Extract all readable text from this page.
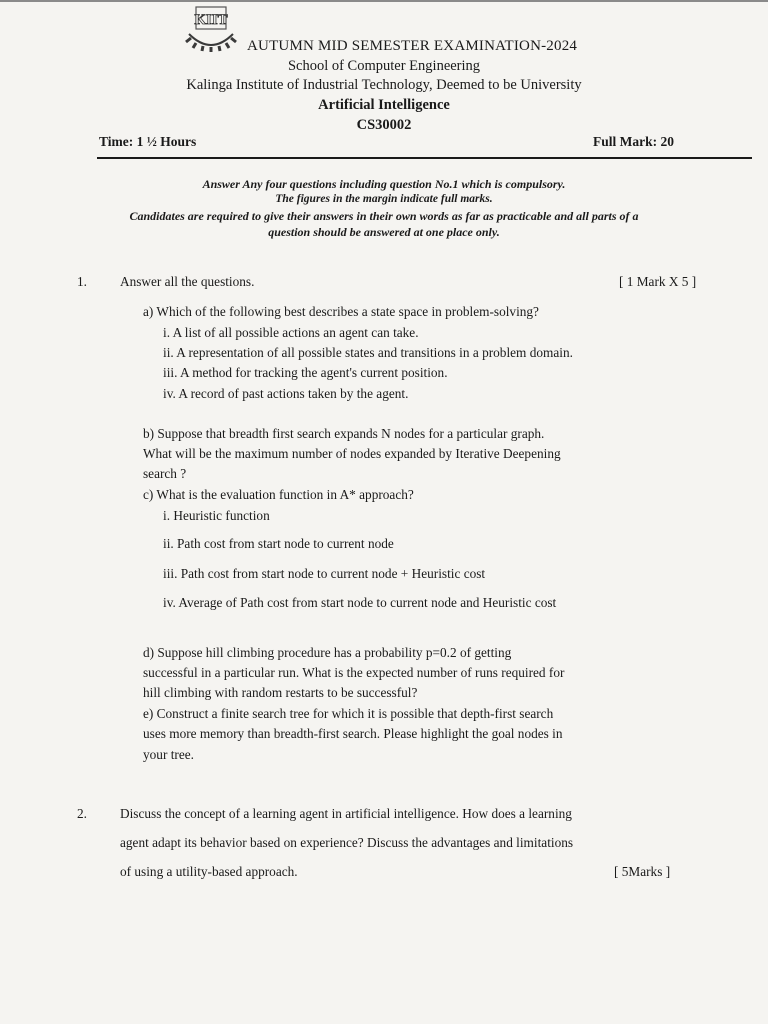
KIIT
AUTUMN MID SEMESTER EXAMINATION-2024
School of Computer Engineering
Kalinga Institute of Industrial Technology, Deemed to be University
Artificial Intelligence
CS30002
Time: 1 ½ Hours	Full Mark: 20
Answer Any four questions including question No.1 which is compulsory.
The figures in the margin indicate full marks.
Candidates are required to give their answers in their own words as far as practicable and all parts of a
question should be answered at one place only.
1. Answer all the questions.	[ 1 Mark X 5 ]
a) Which of the following best describes a state space in problem-solving?
i. A list of all possible actions an agent can take.
ii. A representation of all possible states and transitions in a problem domain.
iii. A method for tracking the agent's current position.
iv. A record of past actions taken by the agent.
b) Suppose that breadth first search expands N nodes for a particular graph.
What will be the maximum number of nodes expanded by Iterative Deepening
search ?
c) What is the evaluation function in A* approach?
i. Heuristic function
ii. Path cost from start node to current node
iii. Path cost from start node to current node + Heuristic cost
iv. Average of Path cost from start node to current node and Heuristic cost
d) Suppose hill climbing procedure has a probability p=0.2 of getting
successful in a particular run. What is the expected number of runs required for
hill climbing with random restarts to be successful?
e) Construct a finite search tree for which it is possible that depth-first search
uses more memory than breadth-first search. Please highlight the goal nodes in
your tree.
2. Discuss the concept of a learning agent in artificial intelligence. How does a learning
agent adapt its behavior based on experience? Discuss the advantages and limitations
of using a utility-based approach.	[ 5Marks ]
